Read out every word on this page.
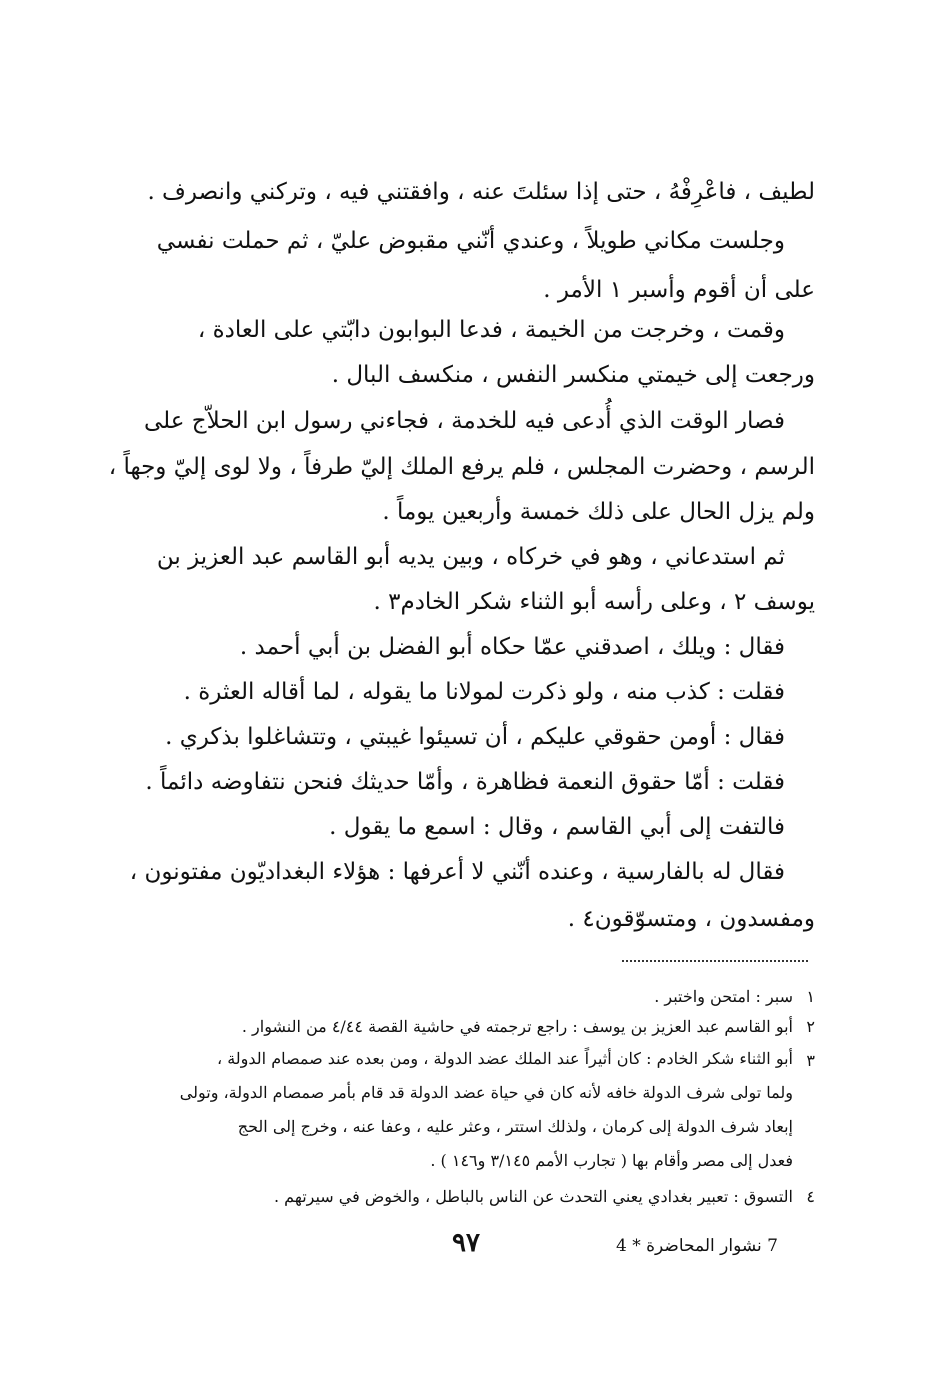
لطيف ، فاعْرِفْهُ ، حتى إذا سئلتَ عنه ، وافقتني فيه ، وتركني وانصرف .
وجلست مكاني طويلاً ، وعندي أنّني مقبوض عليّ ، ثم حملت نفسي
على أن أقوم وأسبر ١ الأمر .
وقمت ، وخرجت من الخيمة ، فدعا البوابون دابّتي على العادة ،
ورجعت إلى خيمتي منكسر النفس ، منكسف البال .
فصار الوقت الذي أُدعى فيه للخدمة ، فجاءني رسول ابن الحلاّج على
الرسم ، وحضرت المجلس ، فلم يرفع الملك إليّ طرفاً ، ولا لوى إليّ وجهاً ،
ولم يزل الحال على ذلك خمسة وأربعين يوماً .
ثم استدعاني ، وهو في خركاه ، وبين يديه أبو القاسم عبد العزيز بن
يوسف ٢ ، وعلى رأسه أبو الثناء شكر الخادم٣ .
فقال : ويلك ، اصدقني عمّا حكاه أبو الفضل بن أبي أحمد .
فقلت : كذب منه ، ولو ذكرت لمولانا ما يقوله ، لما أقاله العثرة .
فقال : أومن حقوقي عليكم ، أن تسيئوا غيبتي ، وتتشاغلوا بذكري .
فقلت : أمّا حقوق النعمة فظاهرة ، وأمّا حديثك فنحن نتفاوضه دائماً .
فالتفت إلى أبي القاسم ، وقال : اسمع ما يقول .
فقال له بالفارسية ، وعنده أنّني لا أعرفها : هؤلاء البغداديّون مفتونون ،
ومفسدون ، ومتسوّقون٤ .
١
سبر : امتحن واختبر .
٢
أبو القاسم عبد العزيز بن يوسف : راجع ترجمته في حاشية القصة ٤/٤٤ من النشوار .
٣
أبو الثناء شكر الخادم : كان أثيراً عند الملك عضد الدولة ، ومن بعده عند صمصام الدولة ،
ولما تولى شرف الدولة خافه لأنه كان في حياة عضد الدولة قد قام بأمر صمصام الدولة، وتولى
إبعاد شرف الدولة إلى كرمان ، ولذلك استتر ، وعثر عليه ، وعفا عنه ، وخرج إلى الحج
فعدل إلى مصر وأقام بها ( تجارب الأمم ٣/١٤٥ و١٤٦ ) .
٤
التسوق : تعبير بغدادي يعني التحدث عن الناس بالباطل ، والخوض في سيرتهم .
٩٧	7 نشوار المحاضرة * 4
